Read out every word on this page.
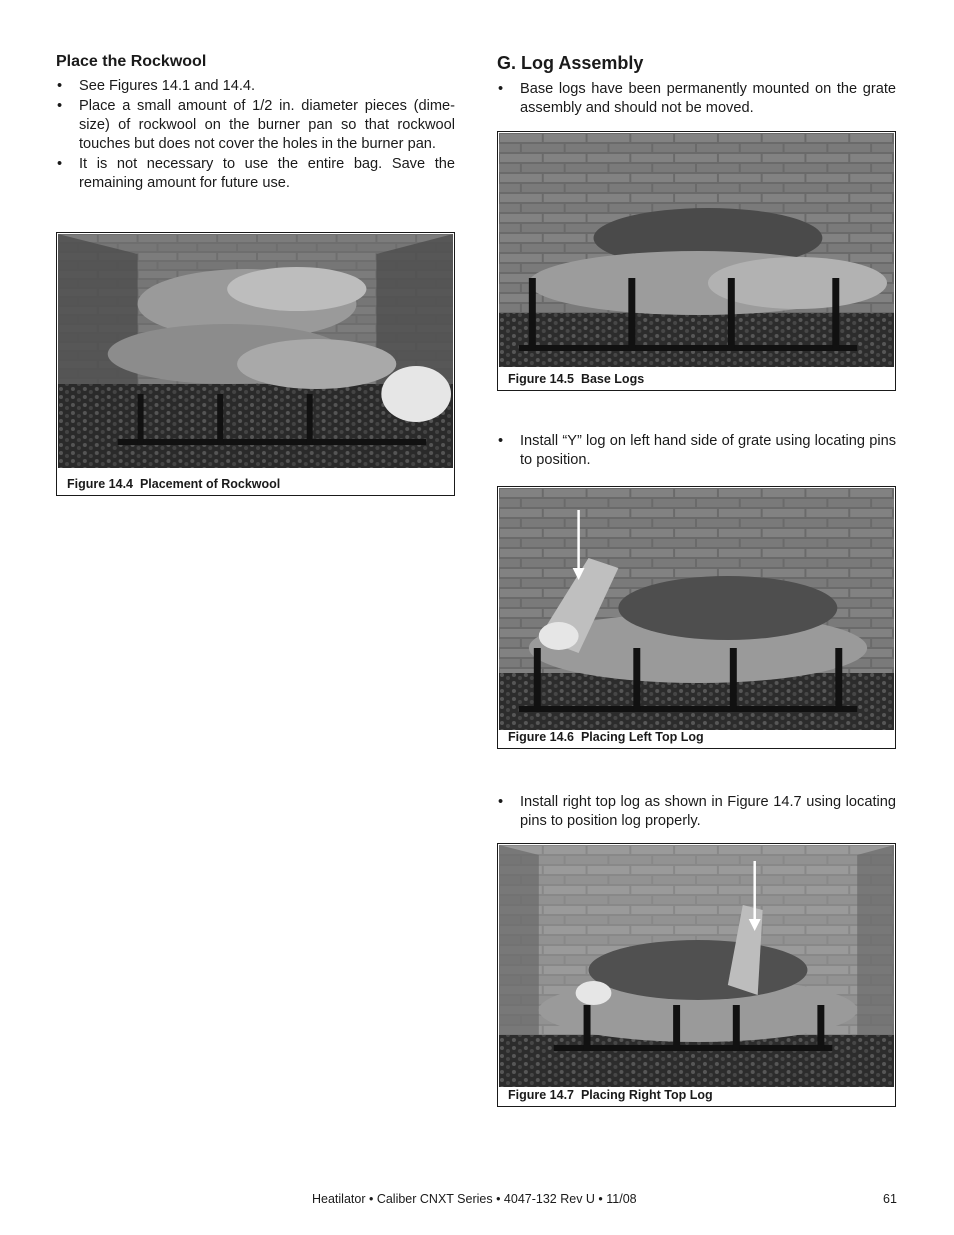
Place the Rockwool
• See Figures 14.1 and 14.4.
• Place a small amount of 1/2 in. diameter pieces (dime-size) of rockwool on the burner pan so that rockwool touches but does not cover the holes in the burner pan.
• It is not necessary to use the entire bag. Save the remaining amount for future use.
Figure 14.4  Placement of Rockwool
G. Log Assembly
• Base logs have been permanently mounted on the grate assembly and should not be moved.
Figure 14.5  Base Logs
• Install “Y” log on left hand side of grate using locating pins to position.
Figure 14.6  Placing Left Top Log
• Install right top log as shown in Figure 14.7 using locating pins to position log properly.
Figure 14.7  Placing Right Top Log
Heatilator • Caliber CNXT Series • 4047-132 Rev U • 11/08	61
